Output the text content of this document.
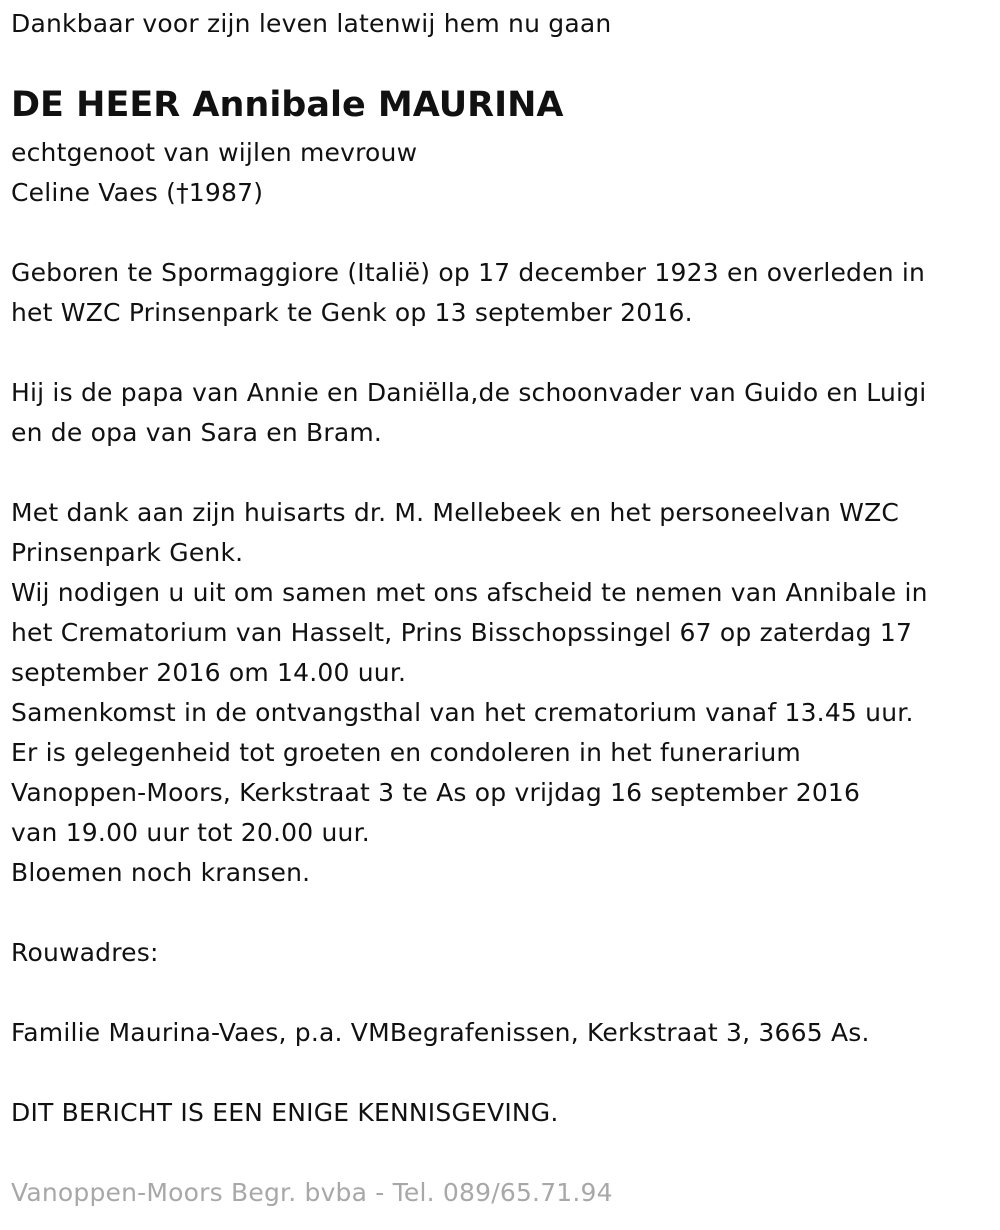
Dankbaar voor zijn leven latenwij hem nu gaan
DE HEER Annibale MAURINA
echtgenoot van wijlen mevrouw
Celine Vaes (†1987)
Geboren te Spormaggiore (Italië) op 17 december 1923 en overleden in
het WZC Prinsenpark te Genk op 13 september 2016.
Hij is de papa van Annie en Daniëlla,de schoonvader van Guido en Luigi
en de opa van Sara en Bram.
Met dank aan zijn huisarts dr. M. Mellebeek en het personeelvan WZC
Prinsenpark Genk.
Wij nodigen u uit om samen met ons afscheid te nemen van Annibale in
het Crematorium van Hasselt, Prins Bisschopssingel 67 op zaterdag 17
september 2016 om 14.00 uur.
Samenkomst in de ontvangsthal van het crematorium vanaf 13.45 uur.
Er is gelegenheid tot groeten en condoleren in het funerarium
Vanoppen-Moors, Kerkstraat 3 te As op vrijdag 16 september 2016
van 19.00 uur tot 20.00 uur.
Bloemen noch kransen.
Rouwadres:
Familie Maurina-Vaes, p.a. VMBegrafenissen, Kerkstraat 3, 3665 As.
DIT BERICHT IS EEN ENIGE KENNISGEVING.
Vanoppen-Moors Begr. bvba - Tel. 089/65.71.94
